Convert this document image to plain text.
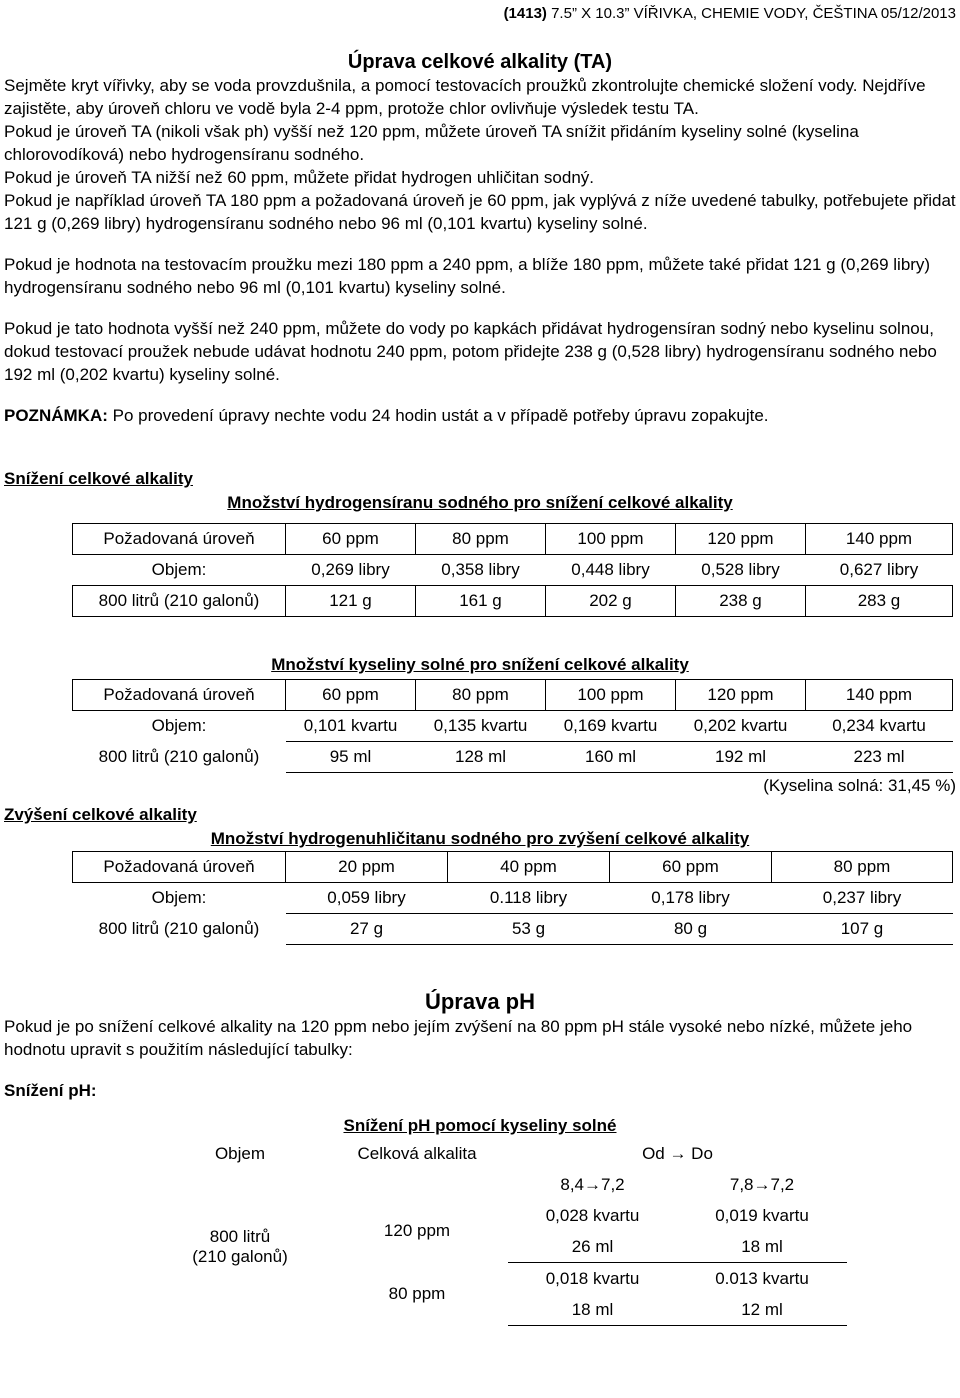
(1413) 7.5” X 10.3” VÍŘIVKA, CHEMIE VODY, ČEŠTINA 05/12/2013
Úprava celkové alkality (TA)

Sejměte kryt vířivky, aby se voda provzdušnila, a pomocí testovacích proužků zkontrolujte chemické složení vody. Nejdříve zajistěte, aby úroveň chloru ve vodě byla 2-4 ppm, protože chlor ovlivňuje výsledek testu TA.

Pokud je úroveň TA (nikoli však ph) vyšší než 120 ppm, můžete úroveň TA snížit přidáním kyseliny solné (kyselina chlorovodíková) nebo hydrogensíranu sodného.

Pokud je úroveň TA nižší než 60 ppm, můžete přidat hydrogen uhličitan sodný.

Pokud je například úroveň TA 180 ppm a požadovaná úroveň je 60 ppm, jak vyplývá z níže uvedené tabulky, potřebujete přidat 121 g (0,269 libry) hydrogensíranu sodného nebo 96 ml (0,101 kvartu) kyseliny solné.

Pokud je hodnota na testovacím proužku mezi 180 ppm a 240 ppm, a blíže 180 ppm, můžete také přidat 121 g (0,269 libry) hydrogensíranu sodného nebo 96 ml (0,101 kvartu) kyseliny solné.

Pokud je tato hodnota vyšší než 240 ppm, můžete do vody po kapkách přidávat hydrogensíran sodný nebo kyselinu solnou, dokud testovací proužek nebude udávat hodnotu 240 ppm, potom přidejte 238 g (0,528 libry) hydrogensíranu sodného nebo 192 ml (0,202 kvartu) kyseliny solné.

POZNÁMKA: Po provedení úpravy nechte vodu 24 hodin ustát a v případě potřeby úpravu zopakujte.

Snížení celkové alkality
Množství hydrogensíranu sodného pro snížení celkové alkality
Požadovaná úroveň	60 ppm	80 ppm	100 ppm	120 ppm	140 ppm
Objem:	0,269 libry	0,358 libry	0,448 libry	0,528 libry	0,627 libry
800 litrů (210 galonů)	121 g	161 g	202 g	238 g	283 g
Množství kyseliny solné pro snížení celkové alkality
Požadovaná úroveň	60 ppm	80 ppm	100 ppm	120 ppm	140 ppm
Objem:	0,101 kvartu	0,135 kvartu	0,169 kvartu	0,202 kvartu	0,234 kvartu
800 litrů (210 galonů)	95 ml	128 ml	160 ml	192 ml	223 ml
(Kyselina solná: 31,45 %)
Zvýšení celkové alkality
Množství hydrogenuhličitanu sodného pro zvýšení celkové alkality
Požadovaná úroveň	20 ppm	40 ppm	60 ppm	80 ppm
Objem:	0,059 libry	0.118 libry	0,178 libry	0,237 libry
800 litrů (210 galonů)	27 g	53 g	80 g	107 g
Úprava pH

Pokud je po snížení celkové alkality na 120 ppm nebo jejím zvýšení na 80 ppm pH stále vysoké nebo nízké, můžete jeho hodnotu upravit s použitím následující tabulky:

Snížení pH:
Snížení pH pomocí kyseliny solné
Objem	Celková alkalita	Od → Do	
800 litrů
(210 galonů)		8,4→7,2	7,8→7,2
	120 ppm	0,028 kvartu	0,019 kvartu
		26 ml	18 ml
	80 ppm	0,018 kvartu	0.013 kvartu
		18 ml	12 ml
